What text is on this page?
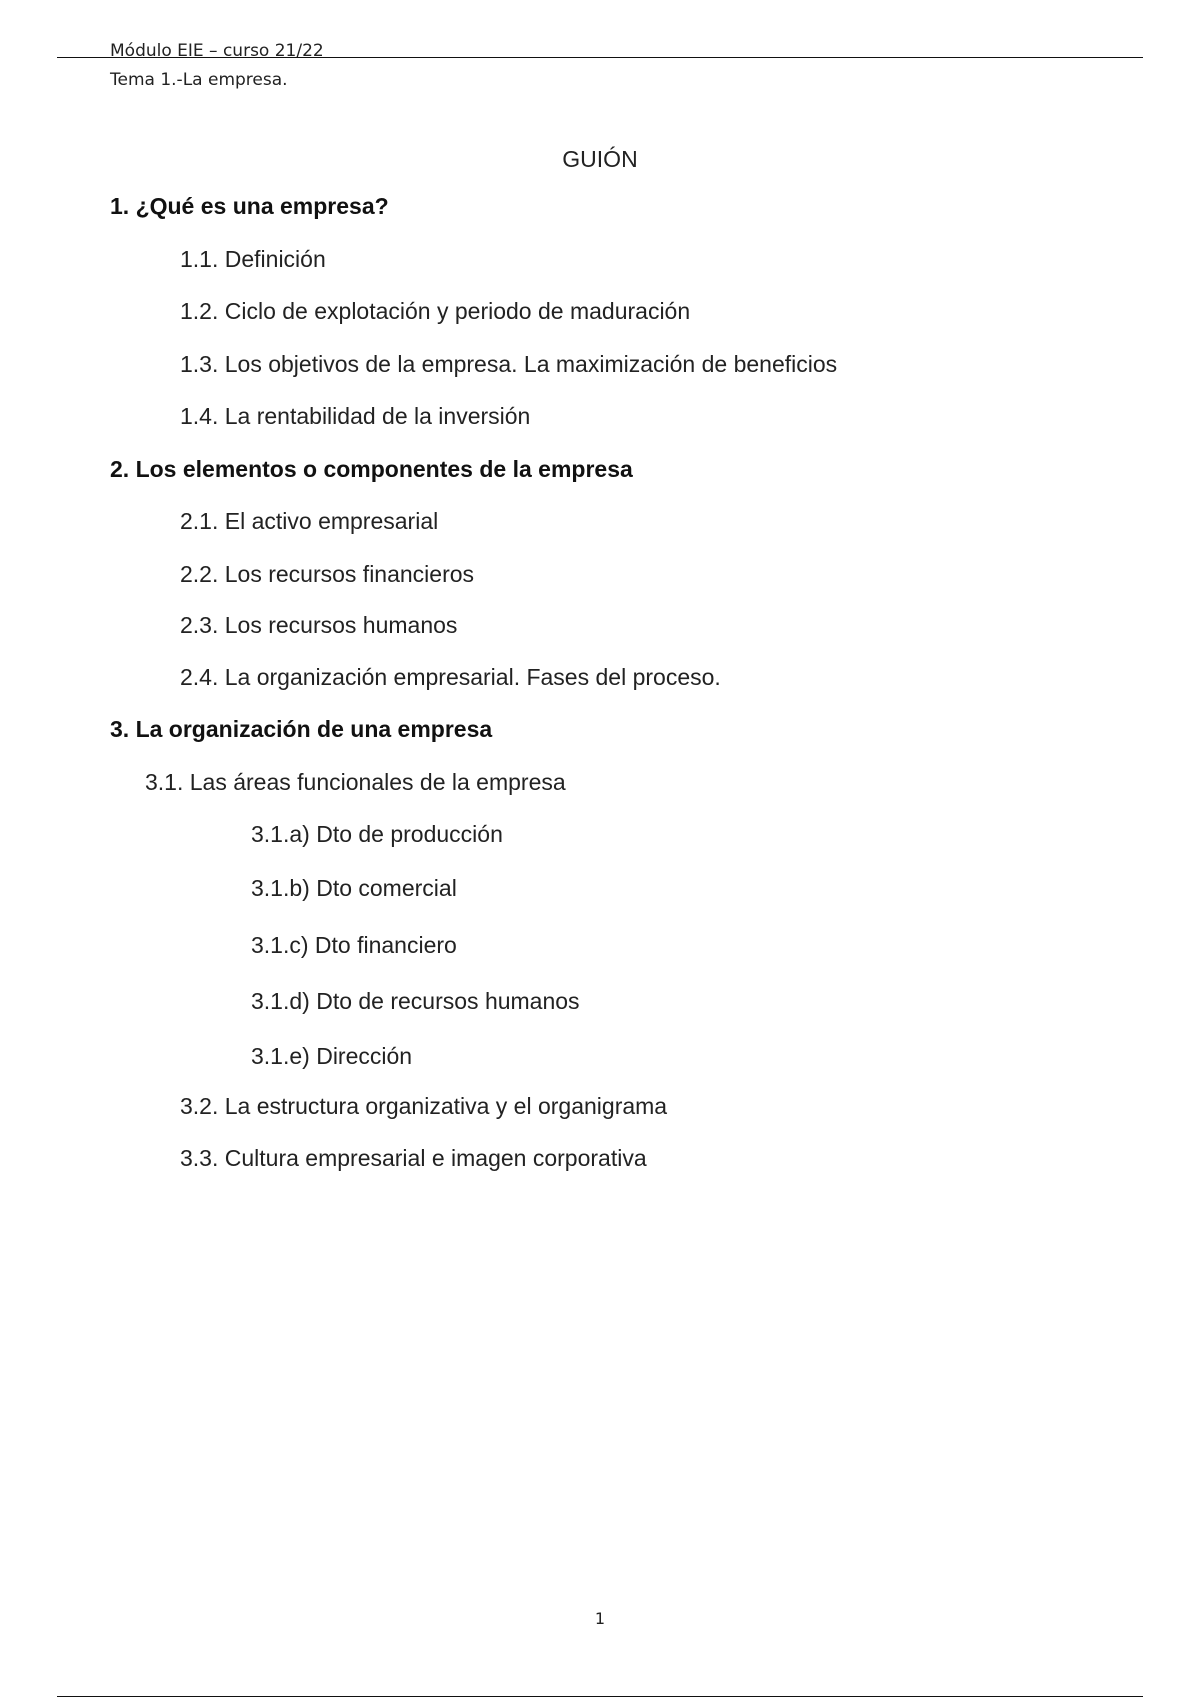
Módulo EIE – curso 21/22
Tema 1.-La empresa.
GUIÓN
1. ¿Qué es una empresa?
1.1. Definición
1.2. Ciclo de explotación y periodo de maduración
1.3. Los objetivos de la empresa. La maximización de beneficios
1.4. La rentabilidad de la inversión
2. Los elementos o componentes de la empresa
2.1. El activo empresarial
2.2. Los recursos financieros
2.3. Los recursos humanos
2.4. La organización empresarial. Fases del proceso.
3. La organización de una empresa
3.1. Las áreas funcionales de la empresa
3.1.a) Dto de producción
3.1.b) Dto comercial
3.1.c) Dto financiero
3.1.d) Dto de recursos humanos
3.1.e) Dirección
3.2. La estructura organizativa y el organigrama
3.3. Cultura empresarial e imagen corporativa
1
